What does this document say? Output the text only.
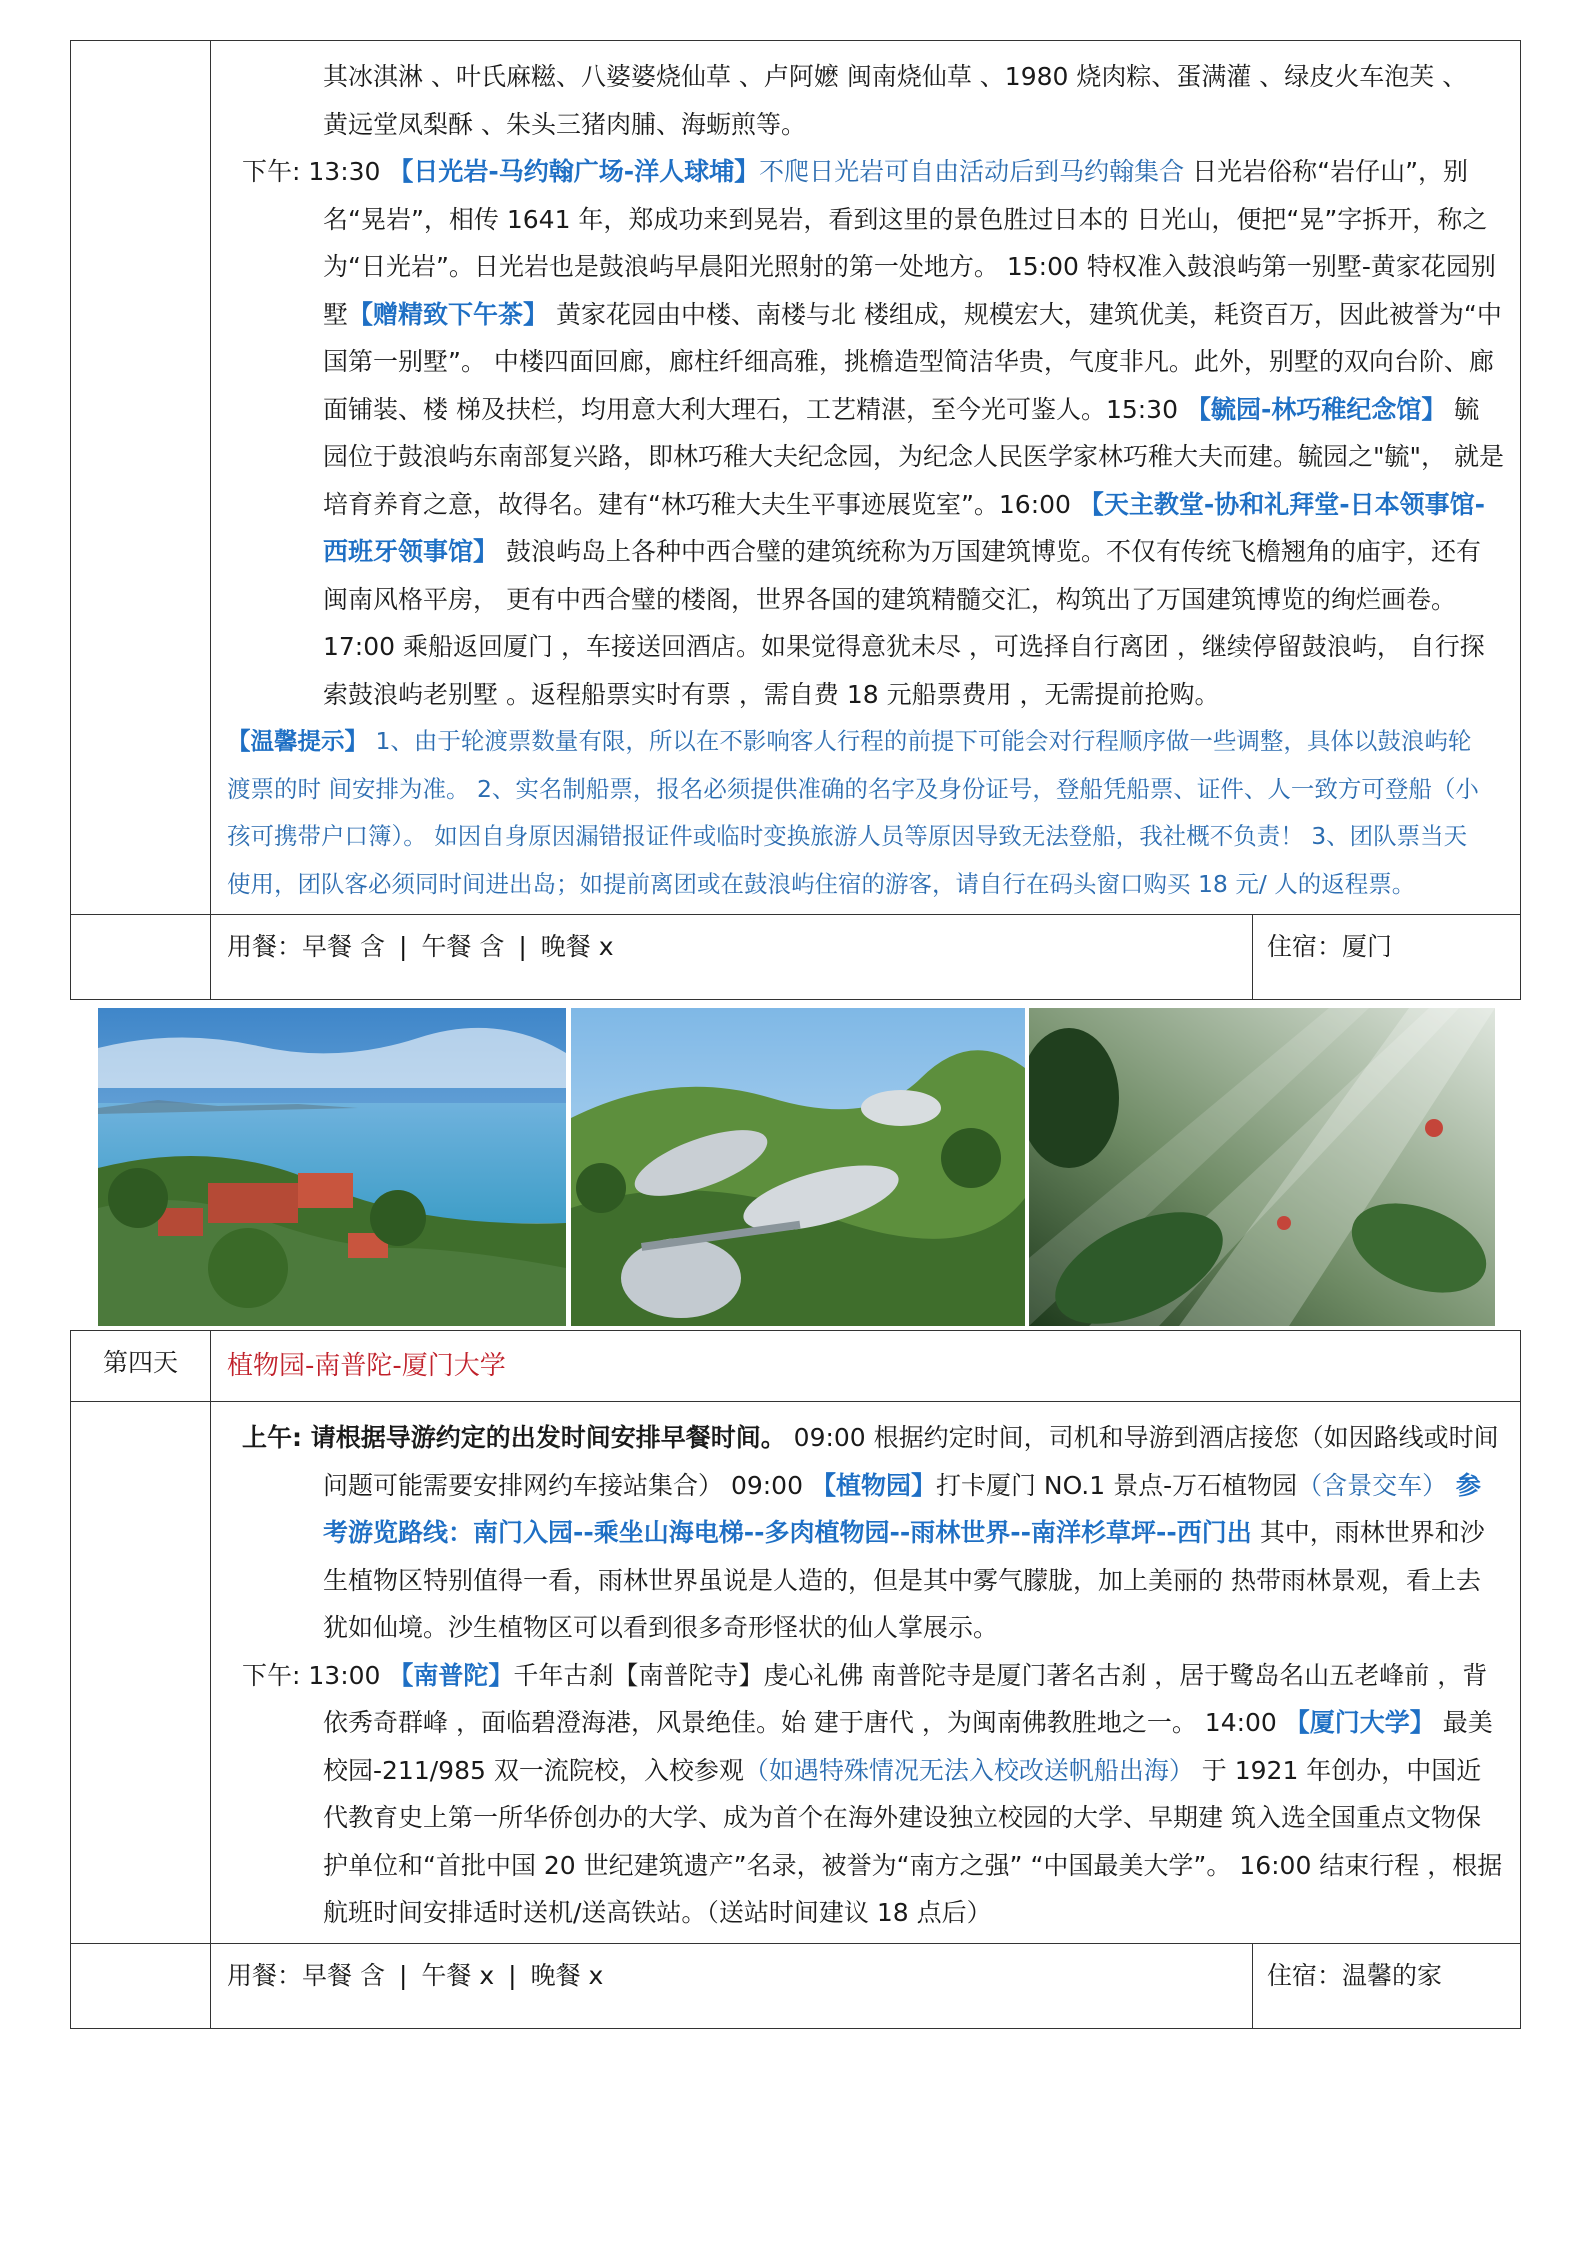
	其冰淇淋 、叶氏麻糍、八婆婆烧仙草 、卢阿嬷 闽南烧仙草 、1980 烧肉粽、蛋满灌 、绿皮火车泡芙 、
黄远堂凤梨酥 、朱头三猪肉脯、海蛎煎等。

下午: 13:30 【日光岩-马约翰广场-洋人球埔】不爬日光岩可自由活动后到马约翰集合 日光岩俗称“岩仔山”，别名“晃岩”，相传 1641 年，郑成功来到晃岩，看到这里的景色胜过日本的 日光山，便把“晃”字拆开，称之为“日光岩”。日光岩也是鼓浪屿早晨阳光照射的第一处地方。 15:00 特权准入鼓浪屿第一别墅-黄家花园别墅【赠精致下午茶】 黄家花园由中楼、南楼与北 楼组成，规模宏大，建筑优美，耗资百万，因此被誉为“中国第一别墅”。 中楼四面回廊，廊柱纤细高雅，挑檐造型简洁华贵，气度非凡。此外，别墅的双向台阶、廊面铺装、楼 梯及扶栏，均用意大利大理石，工艺精湛，至今光可鉴人。15:30 【毓园-林巧稚纪念馆】 毓园位于鼓浪屿东南部复兴路，即林巧稚大夫纪念园，为纪念人民医学家林巧稚大夫而建。毓园之"毓"， 就是培育养育之意，故得名。建有“林巧稚大夫生平事迹展览室”。16:00 【天主教堂-协和礼拜堂-日本领事馆-西班牙领事馆】 鼓浪屿岛上各种中西合璧的建筑统称为万国建筑博览。不仅有传统飞檐翘角的庙宇，还有闽南风格平房， 更有中西合璧的楼阁，世界各国的建筑精髓交汇，构筑出了万国建筑博览的绚烂画卷。 17:00 乘船返回厦门 ，车接送回酒店。如果觉得意犹未尽 ，可选择自行离团 ，继续停留鼓浪屿， 自行探索鼓浪屿老别墅 。返程船票实时有票 ，需自费 18 元船票费用 ，无需提前抢购。

【温馨提示】 1、由于轮渡票数量有限，所以在不影响客人行程的前提下可能会对行程顺序做一些调整，具体以鼓浪屿轮渡票的时 间安排为准。 2、实名制船票，报名必须提供准确的名字及身份证号，登船凭船票、证件、人一致方可登船（小孩可携带户口簿）。 如因自身原因漏错报证件或临时变换旅游人员等原因导致无法登船，我社概不负责！ 3、团队票当天使用，团队客必须同时间进出岛；如提前离团或在鼓浪屿住宿的游客，请自行在码头窗口购买 18 元/ 人的返程票。	

	用餐：早餐 含 | 午餐 含 | 晚餐 x	住宿：厦门

第四天	植物园-南普陀-厦门大学	

	上午: 请根据导游约定的出发时间安排早餐时间。 09:00 根据约定时间，司机和导游到酒店接您（如因路线或时间问题可能需要安排网约车接站集合） 09:00 【植物园】打卡厦门 NO.1 景点-万石植物园（含景交车） 参考游览路线：南门入园--乘坐山海电梯--多肉植物园--雨林世界--南洋杉草坪--西门出 其中，雨林世界和沙生植物区特别值得一看，雨林世界虽说是人造的，但是其中雾气朦胧，加上美丽的 热带雨林景观，看上去犹如仙境。沙生植物区可以看到很多奇形怪状的仙人掌展示。

下午: 13:00 【南普陀】千年古刹【南普陀寺】虔心礼佛 南普陀寺是厦门著名古刹 ，居于鹭岛名山五老峰前 ，背依秀奇群峰 ，面临碧澄海港，风景绝佳。始 建于唐代 ，为闽南佛教胜地之一。 14:00 【厦门大学】 最美校园-211/985 双一流院校，入校参观（如遇特殊情况无法入校改送帆船出海） 于 1921 年创办，中国近代教育史上第一所华侨创办的大学、成为首个在海外建设独立校园的大学、早期建 筑入选全国重点文物保护单位和“首批中国 20 世纪建筑遗产”名录，被誉为“南方之强” “中国最美大学”。 16:00 结束行程 ，根据航班时间安排适时送机/送高铁站。（送站时间建议 18 点后）	

	用餐：早餐 含 | 午餐 x | 晚餐 x	住宿：温馨的家
